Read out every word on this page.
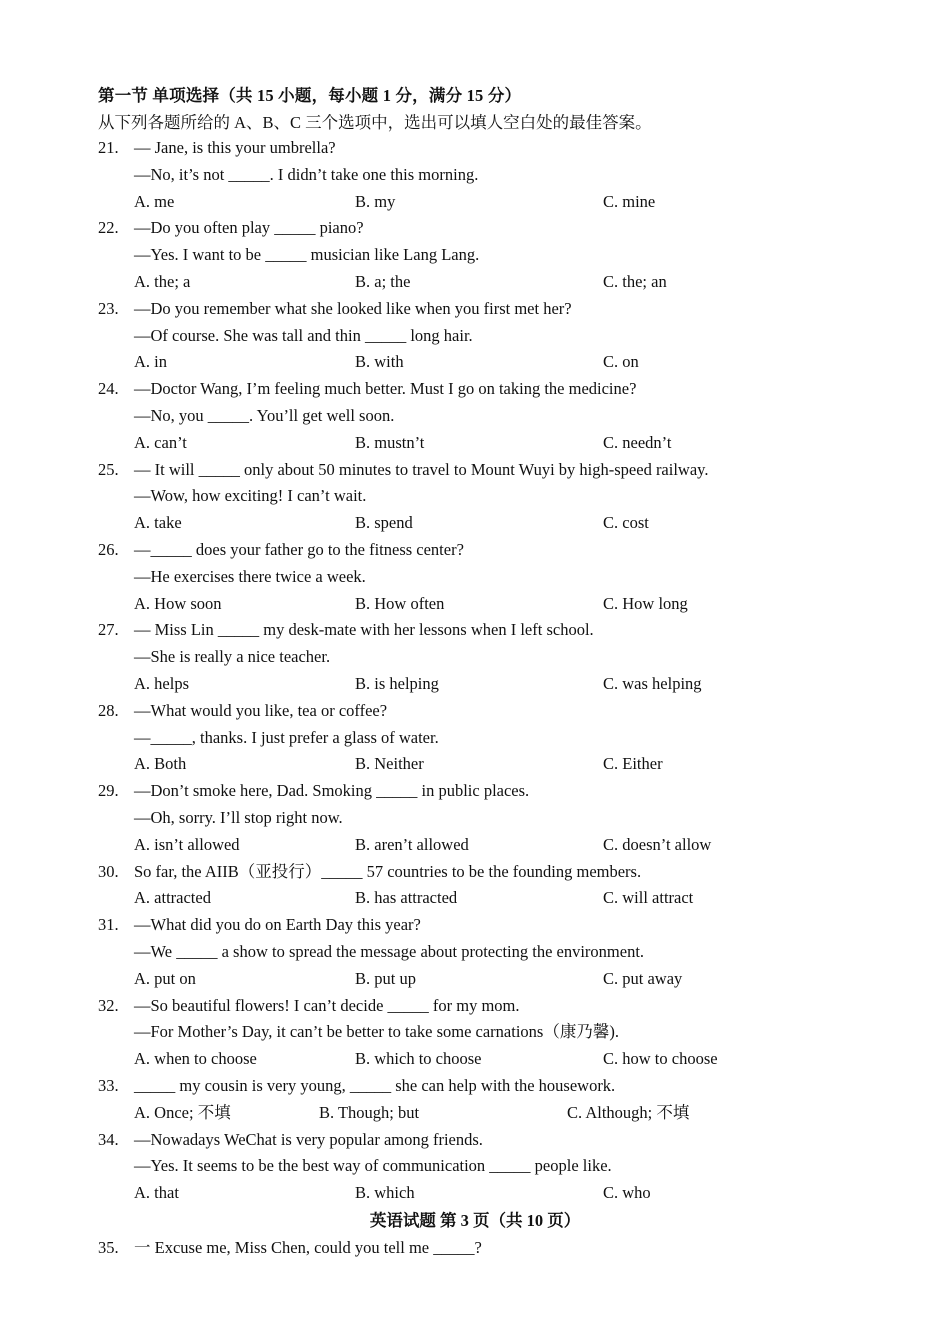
第一节 单项选择（共 15 小题，每小题 1 分，满分 15 分）
从下列各题所给的 A、B、C 三个选项中，选出可以填人空白处的最佳答案。
21. — Jane, is this your umbrella?
—No, it’s not _____. I didn’t take one this morning.
A. me	B. my	C. mine
22. —Do you often play _____ piano?
—Yes. I want to be _____ musician like Lang Lang.
A. the; a	B. a; the	C. the; an
23. —Do you remember what she looked like when you first met her?
—Of course. She was tall and thin _____ long hair.
A. in	B. with	C. on
24. —Doctor Wang, I’m feeling much better. Must I go on taking the medicine?
—No, you _____. You’ll get well soon.
A. can’t	B. mustn’t	C. needn’t
25. — It will _____ only about 50 minutes to travel to Mount Wuyi by high-speed railway.
—Wow, how exciting! I can’t wait.
A. take	B. spend	C. cost
26. —_____ does your father go to the fitness center?
—He exercises there twice a week.
A. How soon	B. How often	C. How long
27. — Miss Lin _____ my desk-mate with her lessons when I left school.
—She is really a nice teacher.
A. helps	B. is helping	C. was helping
28. —What would you like, tea or coffee?
—_____, thanks. I just prefer a glass of water.
A. Both	B. Neither	C. Either
29. —Don’t smoke here, Dad. Smoking _____ in public places.
—Oh, sorry. I’ll stop right now.
A. isn’t allowed	B. aren’t allowed	C. doesn’t allow
30. So far, the AIIB（亚投行）_____ 57 countries to be the founding members.
A. attracted	B. has attracted	C. will attract
31. —What did you do on Earth Day this year?
—We _____ a show to spread the message about protecting the environment.
A. put on	B. put up	C. put away
32. —So beautiful flowers! I can’t decide _____ for my mom.
—For Mother’s Day, it can’t be better to take some carnations（康乃馨).
A. when to choose	B. which to choose	C. how to choose
33. _____ my cousin is very young, _____ she can help with the housework.
A. Once; 不填	B. Though; but	C. Although; 不填
34. —Nowadays WeChat is very popular among friends.
—Yes. It seems to be the best way of communication _____ people like.
A. that	B. which	C. who
35. 一 Excuse me, Miss Chen, could you tell me _____?
英语试题 第 3 页（共 10 页）
